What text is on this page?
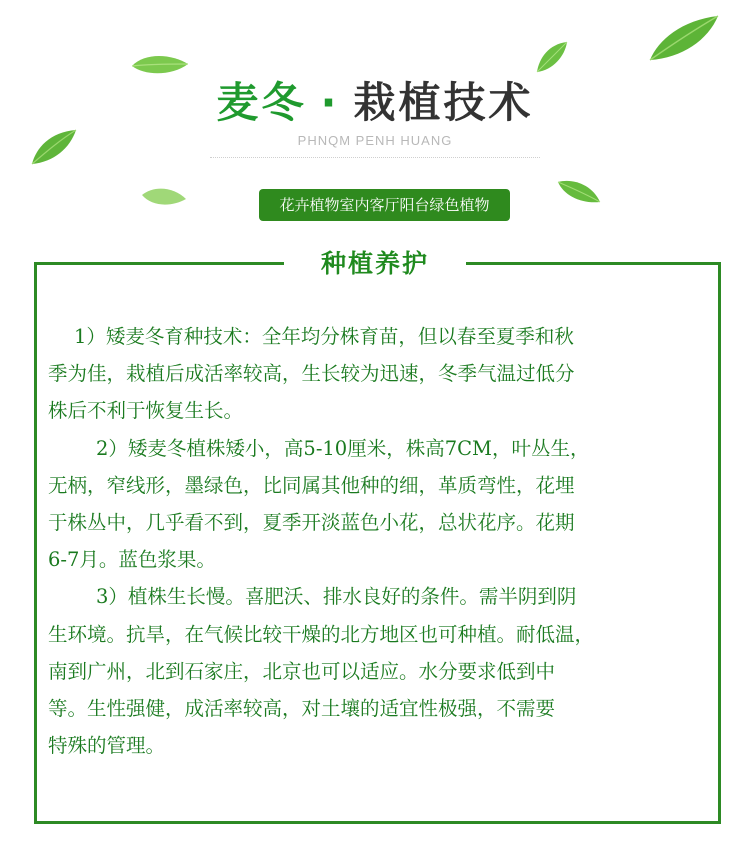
麦冬 · 栽植技术
PHNQM PENH HUANG
花卉植物室内客厅阳台绿色植物
种植养护

1）矮麦冬育种技术：全年均分株育苗，但以春至夏季和秋

季为佳，栽植后成活率较高，生长较为迅速，冬季气温过低分

株后不利于恢复生长。

2）矮麦冬植株矮小，高5-10厘米，株高7CM，叶丛生，

无柄，窄线形，墨绿色，比同属其他种的细，革质弯性，花埋

于株丛中，几乎看不到，夏季开淡蓝色小花，总状花序。花期

6-7月。蓝色浆果。

3）植株生长慢。喜肥沃、排水良好的条件。需半阴到阴

生环境。抗旱，在气候比较干燥的北方地区也可种植。耐低温，

南到广州，北到石家庄，北京也可以适应。水分要求低到中

等。生性强健，成活率较高，对土壤的适宜性极强，不需要

特殊的管理。
